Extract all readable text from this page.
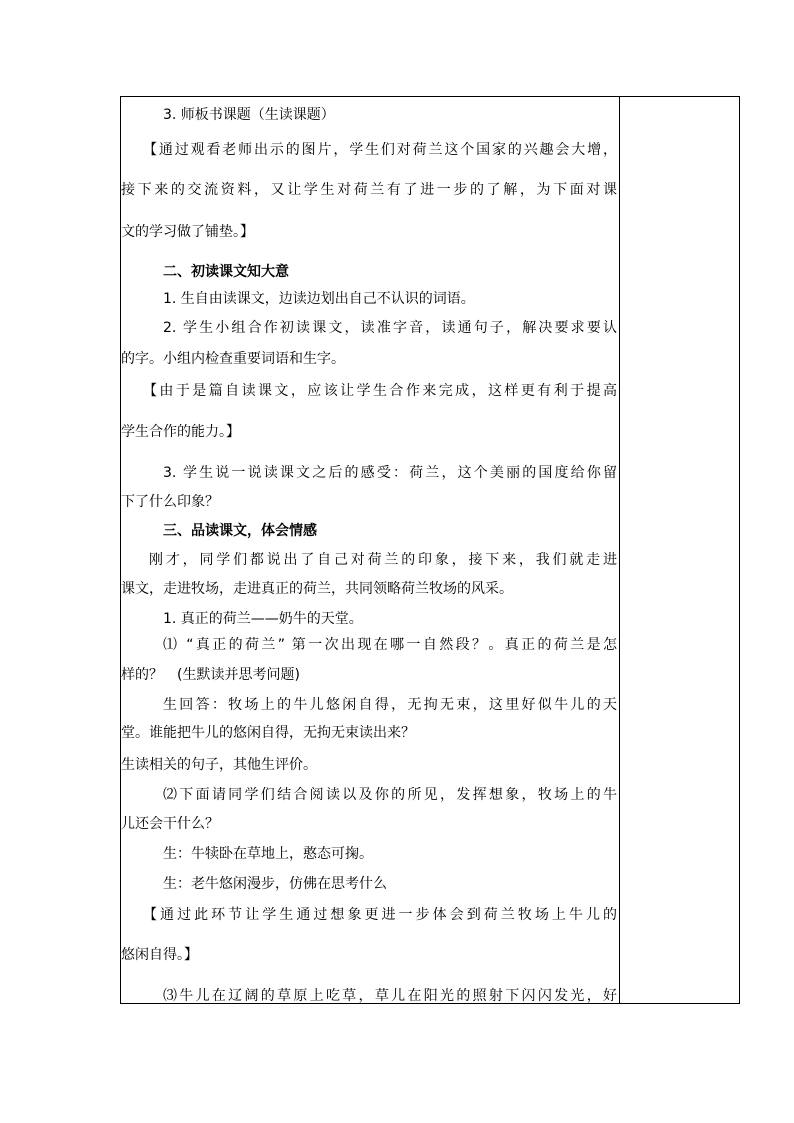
3. 师板书课题（生读课题）
【通过观看老师出示的图片，学生们对荷兰这个国家的兴趣会大增，
接下来的交流资料，又让学生对荷兰有了进一步的了解，为下面对课
文的学习做了铺垫。】
二、初读课文知大意
1. 生自由读课文，边读边划出自己不认识的词语。
2. 学生小组合作初读课文，读准字音，读通句子，解决要求要认
的字。小组内检查重要词语和生字。
【由于是篇自读课文，应该让学生合作来完成，这样更有利于提高
学生合作的能力。】
3. 学生说一说读课文之后的感受：荷兰，这个美丽的国度给你留
下了什么印象？
三、品读课文，体会情感
刚才，同学们都说出了自己对荷兰的印象，接下来，我们就走进
课文，走进牧场，走进真正的荷兰，共同领略荷兰牧场的风采。
1. 真正的荷兰——奶牛的天堂。
⑴ “真正的荷兰” 第一次出现在哪一自然段？。真正的荷兰是怎
样的？　(生默读并思考问题)
生回答：牧场上的牛儿悠闲自得，无拘无束，这里好似牛儿的天
堂。谁能把牛儿的悠闲自得，无拘无束读出来？
生读相关的句子，其他生评价。
⑵下面请同学们结合阅读以及你的所见，发挥想象，牧场上的牛
儿还会干什么？
生：牛犊卧在草地上，憨态可掬。
生：老牛悠闲漫步，仿佛在思考什么
【通过此环节让学生通过想象更进一步体会到荷兰牧场上牛儿的
悠闲自得。】
⑶牛儿在辽阔的草原上吃草，草儿在阳光的照射下闪闪发光，好
